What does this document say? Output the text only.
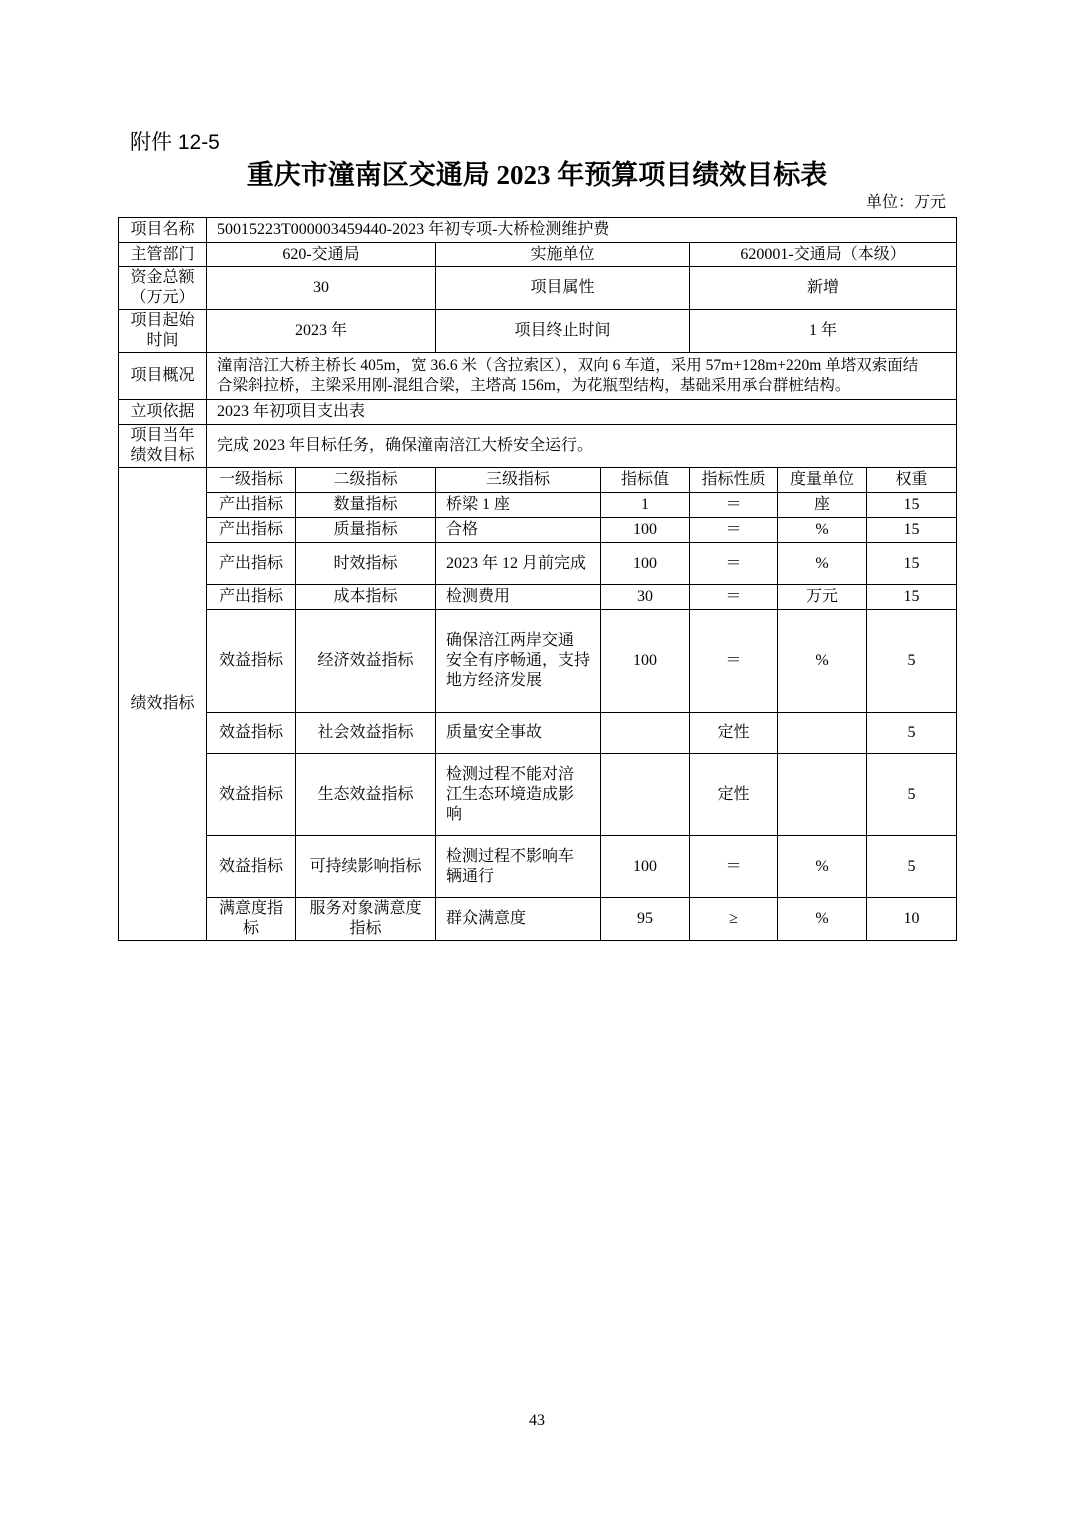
附件 12-5
重庆市潼南区交通局 2023 年预算项目绩效目标表
单位：万元
项目名称	50015223T000003459440-2023 年初专项-大桥检测维护费						
主管部门	620-交通局		实施单位		620001-交通局（本级）		

资金总额
（万元）	30		项目属性		新增		

项目起始
时间	2023 年		项目终止时间		1 年		
项目概况	潼南涪江大桥主桥长 405m，宽 36.6 米（含拉索区），双向 6 车道，采用 57m+128m+220m 单塔双索面结
合梁斜拉桥，主梁采用刚-混组合梁，主塔高 156m，为花瓶型结构，基础采用承台群桩结构。						

立项依据	2023 年初项目支出表						

项目当年
绩效目标	完成 2023 年目标任务，确保潼南涪江大桥安全运行。						
绩效指标	一级指标	二级指标	三级指标	指标值	指标性质	度量单位	权重

	产出指标	数量指标	桥梁 1 座	1	＝	座	15

	产出指标	质量指标	合格	100	＝	%	15

	产出指标	时效指标	2023 年 12 月前完成	100	＝	%	15

	产出指标	成本指标	检测费用	30	＝	万元	15

	效益指标	经济效益指标	确保涪江两岸交通
安全有序畅通，支持
地方经济发展	100	＝	%	5

	效益指标	社会效益指标	质量安全事故		定性		5

	效益指标	生态效益指标	检测过程不能对涪
江生态环境造成影
响		定性		5

	效益指标	可持续影响指标	检测过程不影响车
辆通行	100	＝	%	5

	满意度指
标	服务对象满意度
指标	群众满意度	95	≥	%	10
43
